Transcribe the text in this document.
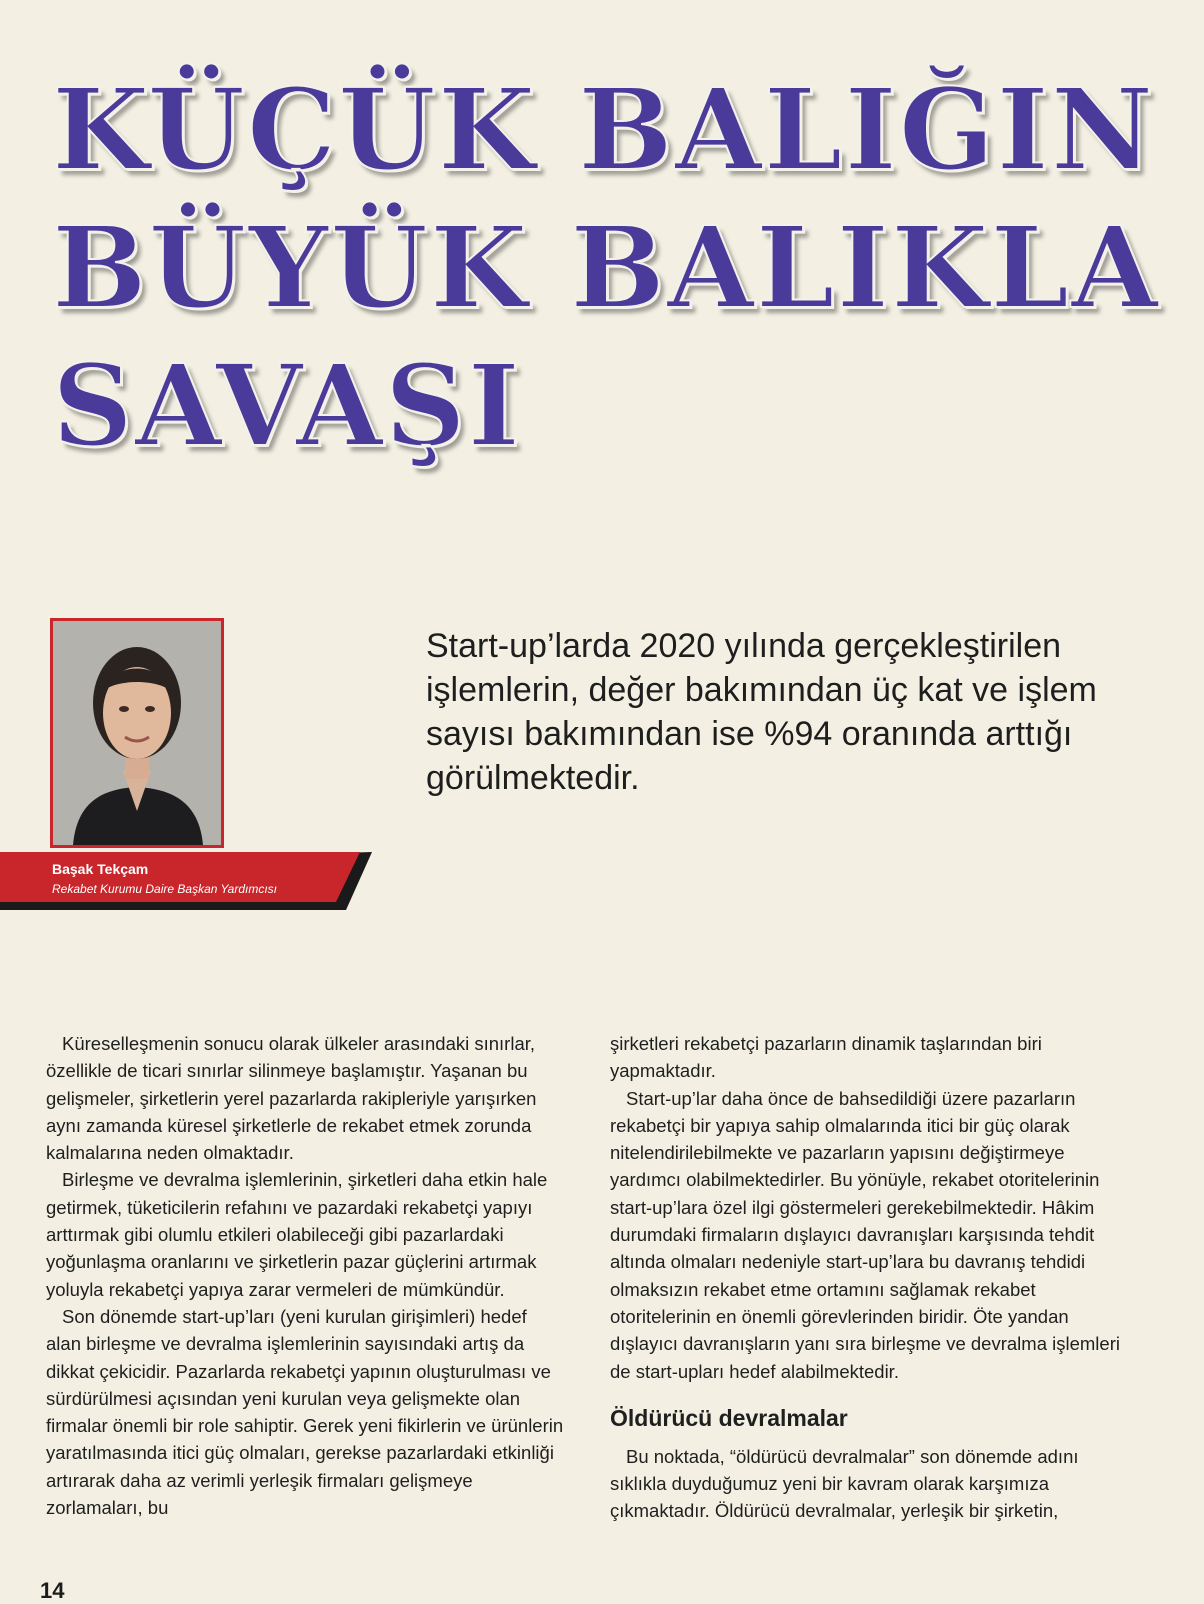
KÜÇÜK BALIĞIN
BÜYÜK BALIKLA
SAVAŞI
Başak Tekçam
Rekabet Kurumu Daire Başkan Yardımcısı
Start-up’larda 2020 yılında gerçekleştirilen işlemlerin, değer bakımından üç kat ve işlem sayısı bakımından ise %94 oranında arttığı görülmektedir.

Küreselleşmenin sonucu olarak ülkeler arasındaki sınırlar, özellikle de ticari sınırlar silinmeye başlamıştır. Yaşanan bu gelişmeler, şirketlerin yerel pazarlarda rakipleriyle yarışırken aynı zamanda küresel şirketlerle de rekabet etmek zorunda kalmalarına neden olmaktadır.

Birleşme ve devralma işlemlerinin, şirketleri daha etkin hale getirmek, tüketicilerin refahını ve pazardaki rekabetçi yapıyı arttırmak gibi olumlu etkileri olabileceği gibi pazarlardaki yoğunlaşma oranlarını ve şirketlerin pazar güçlerini artırmak yoluyla rekabetçi yapıya zarar vermeleri de mümkündür.

Son dönemde start-up’ları (yeni kurulan girişimleri) hedef alan birleşme ve devralma işlemlerinin sayısındaki artış da dikkat çekicidir. Pazarlarda rekabetçi yapının oluşturulması ve sürdürülmesi açısından yeni kurulan veya gelişmekte olan firmalar önemli bir role sahiptir. Gerek yeni fikirlerin ve ürünlerin yaratılmasında itici güç olmaları, gerekse pazarlardaki etkinliği artırarak daha az verimli yerleşik firmaları gelişmeye zorlamaları, bu

şirketleri rekabetçi pazarların dinamik taşlarından biri yapmaktadır.

Start-up’lar daha önce de bahsedildiği üzere pazarların rekabetçi bir yapıya sahip olmalarında itici bir güç olarak nitelendirilebilmekte ve pazarların yapısını değiştirmeye yardımcı olabilmektedirler. Bu yönüyle, rekabet otoritelerinin start-up’lara özel ilgi göstermeleri gerekebilmektedir. Hâkim durumdaki firmaların dışlayıcı davranışları karşısında tehdit altında olmaları nedeniyle start-up’lara bu davranış tehdidi olmaksızın rekabet etme ortamını sağlamak rekabet otoritelerinin en önemli görevlerinden biridir. Öte yandan dışlayıcı davranışların yanı sıra birleşme ve devralma işlemleri de start-upları hedef alabilmektedir.

Öldürücü devralmalar

Bu noktada, “öldürücü devralmalar” son dönemde adını sıklıkla duyduğumuz yeni bir kavram olarak karşımıza çıkmaktadır. Öldürücü devralmalar, yerleşik bir şirketin,

14
